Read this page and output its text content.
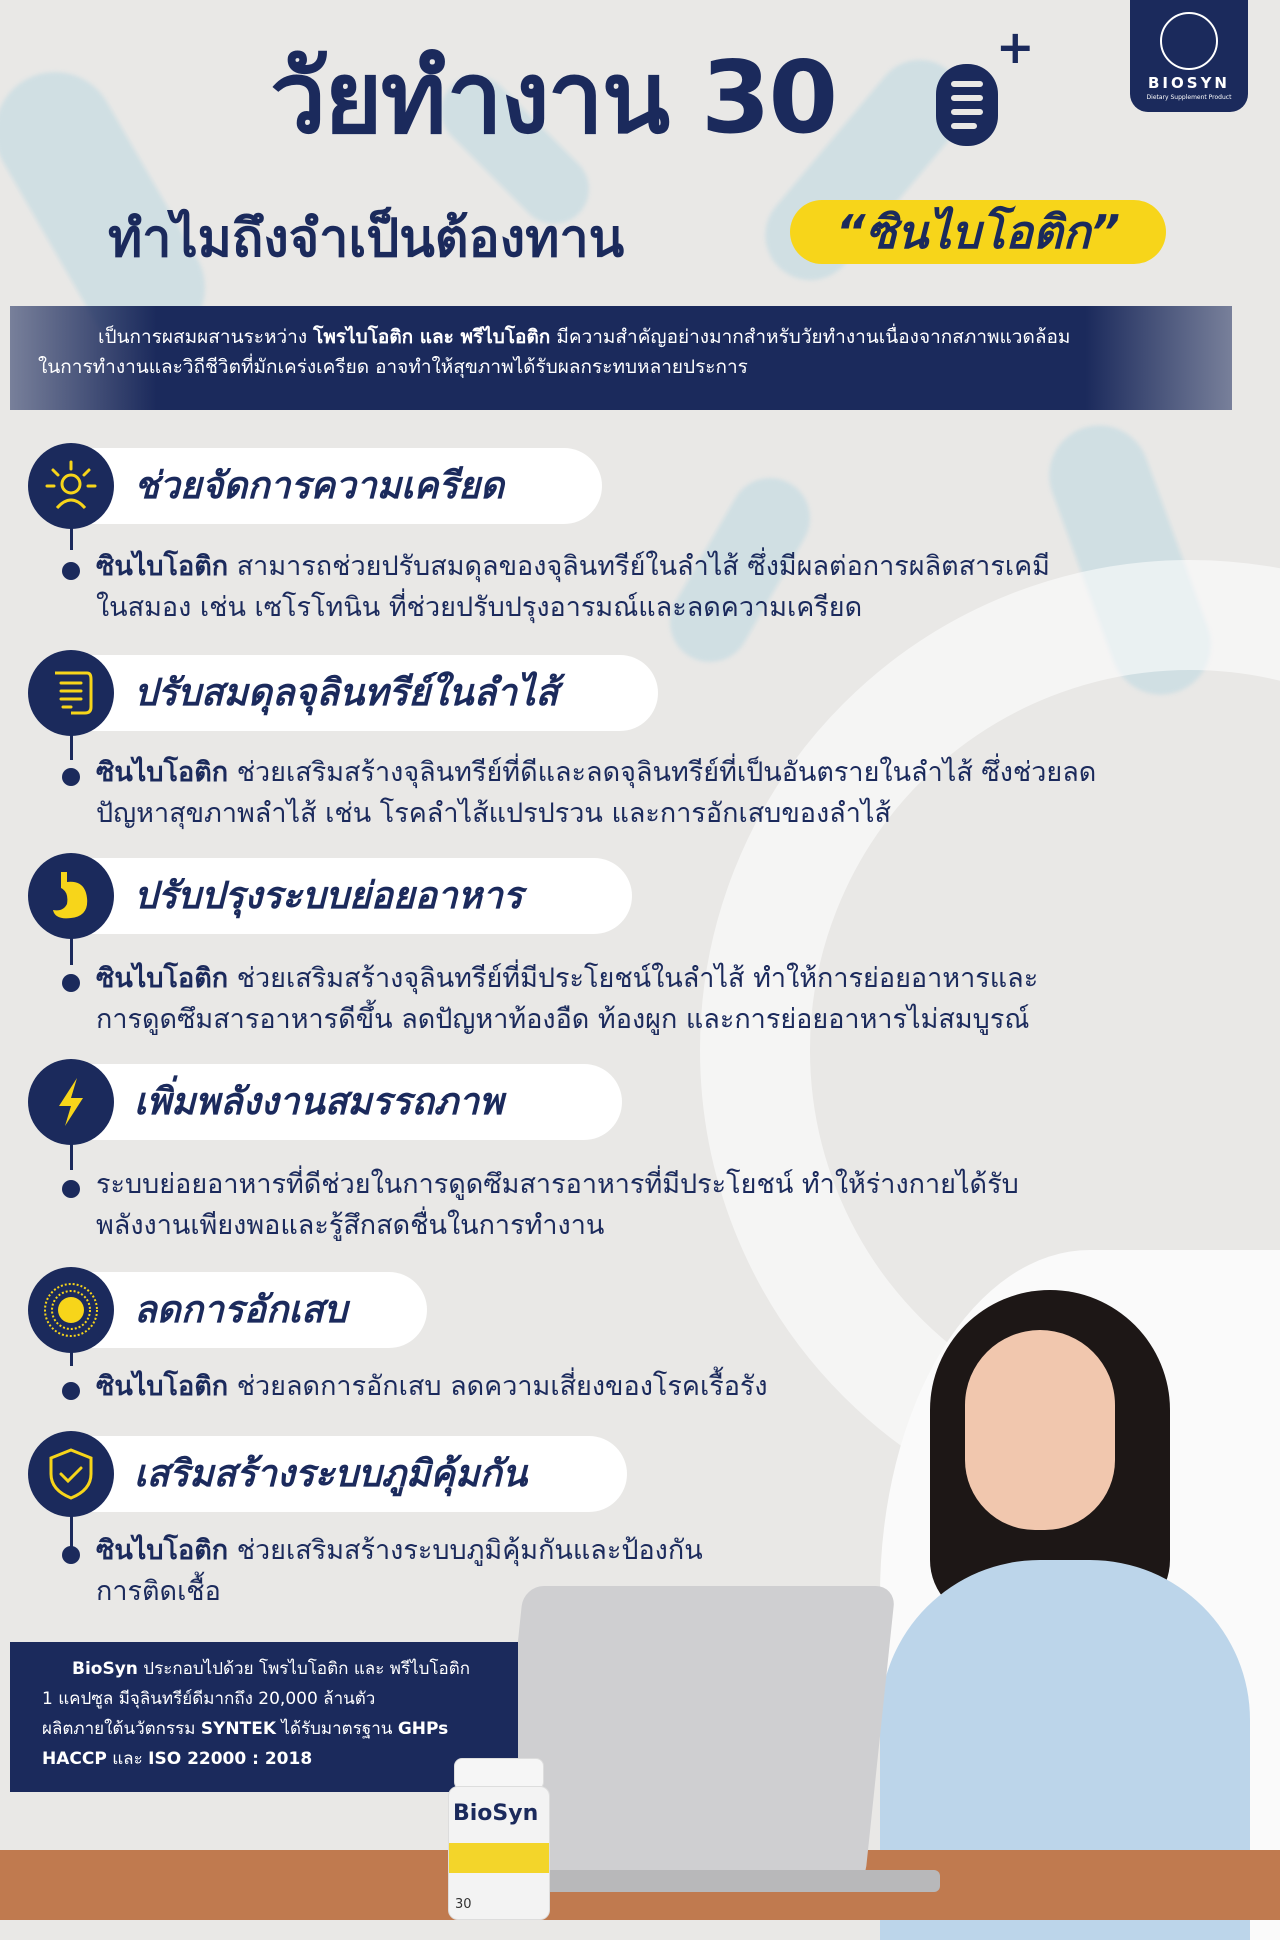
BIOSYN
Dietary Supplement Product
วัยทำงาน 30	+
ทำไมถึงจำเป็นต้องทาน	“ซินไบโอติก”

เป็นการผสมผสานระหว่าง โพรไบโอติก และ พรีไบโอติก มีความสำคัญอย่างมากสำหรับวัยทำงานเนื่องจากสภาพแวดล้อม

ในการทำงานและวิถีชีวิตที่มักเคร่งเครียด อาจทำให้สุขภาพได้รับผลกระทบหลายประการ

ช่วยจัดการความเครียด
ซินไบโอติก สามารถช่วยปรับสมดุลของจุลินทรีย์ในลำไส้ ซึ่งมีผลต่อการผลิตสารเคมี
ในสมอง เช่น เซโรโทนิน ที่ช่วยปรับปรุงอารมณ์และลดความเครียด
ปรับสมดุลจุลินทรีย์ในลำไส้
ซินไบโอติก ช่วยเสริมสร้างจุลินทรีย์ที่ดีและลดจุลินทรีย์ที่เป็นอันตรายในลำไส้ ซึ่งช่วยลด
ปัญหาสุขภาพลำไส้ เช่น โรคลำไส้แปรปรวน และการอักเสบของลำไส้
ปรับปรุงระบบย่อยอาหาร
ซินไบโอติก ช่วยเสริมสร้างจุลินทรีย์ที่มีประโยชน์ในลำไส้ ทำให้การย่อยอาหารและ
การดูดซึมสารอาหารดีขึ้น ลดปัญหาท้องอืด ท้องผูก และการย่อยอาหารไม่สมบูรณ์
เพิ่มพลังงานสมรรถภาพ
ระบบย่อยอาหารที่ดีช่วยในการดูดซึมสารอาหารที่มีประโยชน์ ทำให้ร่างกายได้รับ
พลังงานเพียงพอและรู้สึกสดชื่นในการทำงาน
ลดการอักเสบ
ซินไบโอติก ช่วยลดการอักเสบ ลดความเสี่ยงของโรคเรื้อรัง
เสริมสร้างระบบภูมิคุ้มกัน
ซินไบโอติก ช่วยเสริมสร้างระบบภูมิคุ้มกันและป้องกัน
การติดเชื้อ

BioSyn ประกอบไปด้วย โพรไบโอติก และ พรีไบโอติก

1 แคปซูล มีจุลินทรีย์ดีมากถึง 20,000 ล้านตัว

ผลิตภายใต้นวัตกรรม SYNTEK ได้รับมาตรฐาน GHPs

HACCP และ ISO 22000 : 2018

BioSyn
30
